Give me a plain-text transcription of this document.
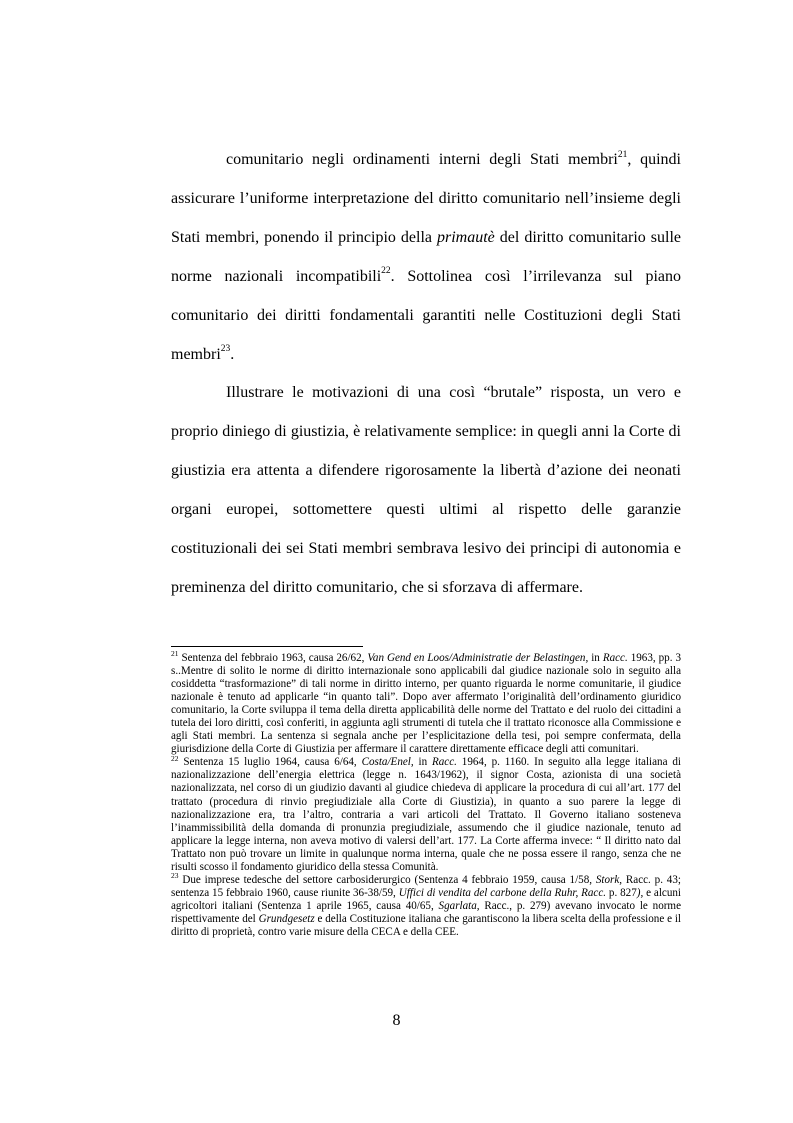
comunitario negli ordinamenti interni degli Stati membri$^{21}$, quindi assicurare l’uniforme interpretazione del diritto comunitario nell’insieme degli Stati membri, ponendo il principio della primautè del diritto comunitario sulle norme nazionali incompatibili$^{22}$. Sottolinea così l’irrilevanza sul piano comunitario dei diritti fondamentali garantiti nelle Costituzioni degli Stati membri$^{23}$.

Illustrare le motivazioni di una così “brutale” risposta, un vero e proprio diniego di giustizia, è relativamente semplice: in quegli anni la Corte di giustizia era attenta a difendere rigorosamente la libertà d’azione dei neonati organi europei, sottomettere questi ultimi al rispetto delle garanzie costituzionali dei sei Stati membri sembrava lesivo dei principi di autonomia e preminenza del diritto comunitario, che si sforzava di affermare.

$^{21}$ Sentenza del febbraio 1963, causa 26/62, Van Gend en Loos/Administratie der Belastingen, in Racc. 1963, pp. 3 s..Mentre di solito le norme di diritto internazionale sono applicabili dal giudice nazionale solo in seguito alla cosiddetta “trasformazione” di tali norme in diritto interno, per quanto riguarda le norme comunitarie, il giudice nazionale è tenuto ad applicarle “in quanto tali”. Dopo aver affermato l’originalità dell’ordinamento giuridico comunitario, la Corte sviluppa il tema della diretta applicabilità delle norme del Trattato e del ruolo dei cittadini a tutela dei loro diritti, così conferiti, in aggiunta agli strumenti di tutela che il trattato riconosce alla Commissione e agli Stati membri. La sentenza si segnala anche per l’esplicitazione della tesi, poi sempre confermata, della giurisdizione della Corte di Giustizia per affermare il carattere direttamente efficace degli atti comunitari.

$^{22}$ Sentenza 15 luglio 1964, causa 6/64, Costa/Enel, in Racc. 1964, p. 1160. In seguito alla legge italiana di nazionalizzazione dell’energia elettrica (legge n. 1643/1962), il signor Costa, azionista di una società nazionalizzata, nel corso di un giudizio davanti al giudice chiedeva di applicare la procedura di cui all’art. 177 del trattato (procedura di rinvio pregiudiziale alla Corte di Giustizia), in quanto a suo parere la legge di nazionalizzazione era, tra l’altro, contraria a vari articoli del Trattato. Il Governo italiano sosteneva l’inammissibilità della domanda di pronunzia pregiudiziale, assumendo che il giudice nazionale, tenuto ad applicare la legge interna, non aveva motivo di valersi dell’art. 177. La Corte afferma invece: “ Il diritto nato dal Trattato non può trovare un limite in qualunque norma interna, quale che ne possa essere il rango, senza che ne risulti scosso il fondamento giuridico della stessa Comunità.

$^{23}$ Due imprese tedesche del settore carbosiderurgico (Sentenza 4 febbraio 1959, causa 1/58, Stork, Racc. p. 43; sentenza 15 febbraio 1960, cause riunite 36-38/59, Uffici di vendita del carbone della Ruhr, Racc. p. 827), e alcuni agricoltori italiani (Sentenza 1 aprile 1965, causa 40/65, Sgarlata, Racc., p. 279) avevano invocato le norme rispettivamente del Grundgesetz e della Costituzione italiana che garantiscono la libera scelta della professione e il diritto di proprietà, contro varie misure della CECA e della CEE.

8
